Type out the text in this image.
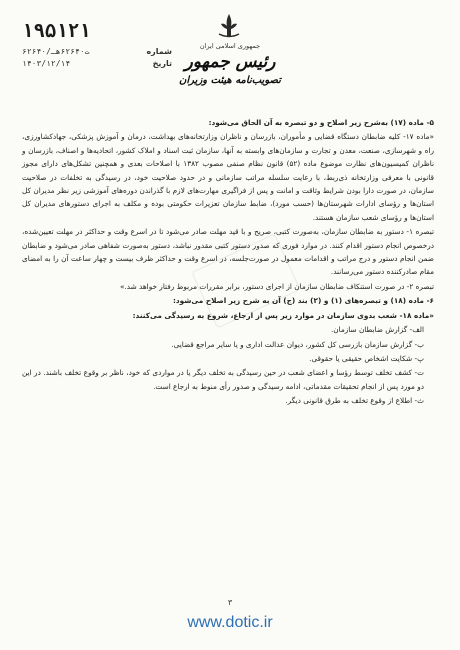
۱۹۵۱۲۱
شماره
۶۲۶۴۰/ت۶۲۶۴۰هـ
تاریخ
۱۴۰۳/۱۲/۱۴
جمهوری اسلامی ایران
رئیس جمهور
تصویب‌نامه هیئت وزیران

۵- ماده (۱۷) به‌شرح زیر اصلاح و دو تبصره به آن الحاق می‌شود:

«ماده ۱۷- کلیه ضابطان دستگاه قضایی و مأموران، بازرسان و ناظران وزارتخانه‌های بهداشت، درمان و آموزش پزشکی، جهادکشاورزی، راه و شهرسازی، صنعت، معدن و تجارت و سازمان‌های وابسته به آنها، سازمان ثبت اسناد و املاک کشور، اتحادیه‌ها و اصناف، بازرسان و ناظران کمیسیون‌های نظارت موضوع ماده (۵۲) قانون نظام صنفی مصوب ۱۳۸۲ با اصلاحات بعدی و همچنین تشکل‌های دارای مجوز قانونی با معرفی وزارتخانه ذی‌ربط، با رعایت سلسله مراتب سازمانی و در حدود صلاحیت خود، در رسیدگی به تخلفات در صلاحیت سازمان، در صورت دارا بودن شرایط وثاقت و امانت و پس از فراگیری مهارت‌های لازم با گذراندن دوره‌های آموزشی زیر نظر مدیران کل استان‌ها و رؤسای ادارات شهرستان‌ها (حسب مورد)، ضابط سازمان تعزیرات حکومتی بوده و مکلف به اجرای دستورهای مدیران کل استان‌ها و رؤسای شعب سازمان هستند.

تبصره ۱- دستور به ضابطان سازمان، به‌صورت کتبی، صریح و با قید مهلت صادر می‌شود تا در اسرع وقت و حداکثر در مهلت تعیین‌شده، درخصوص انجام دستور اقدام کنند. در موارد فوری که صدور دستور کتبی مقدور نباشد، دستور به‌صورت شفاهی صادر می‌شود و ضابطان ضمن انجام دستور و درج مراتب و اقدامات معمول در صورت‌جلسه، در اسرع وقت و حداکثر ظرف بیست و چهار ساعت آن را به امضای مقام صادرکننده دستور می‌رسانند.

تبصره ۲- در صورت استنکاف ضابطان سازمان از اجرای دستور، برابر مقررات مربوط رفتار خواهد شد.»

۶- ماده (۱۸) و تبصره‌های (۱) و (۲) بند (ج) آن به شرح زیر اصلاح می‌شود:

«ماده ۱۸- شعب بدوی سازمان در موارد زیر پس از ارجاع، شروع به رسیدگی می‌کنند:

الف- گزارش ضابطان سازمان.

ب- گزارش سازمان بازرسی کل کشور، دیوان عدالت اداری و یا سایر مراجع قضایی.

پ- شکایت اشخاص حقیقی یا حقوقی.

ت- کشف تخلف توسط رؤسا و اعضای شعب در حین رسیدگی به تخلف دیگر یا در مواردی که خود، ناظر بر وقوع تخلف باشند. در این دو مورد پس از انجام تحقیقات مقدماتی، ادامه رسیدگی و صدور رأی منوط به ارجاع است.

ث- اطلاع از وقوع تخلف به طرق قانونی دیگر.

۳
www.dotic.ir
